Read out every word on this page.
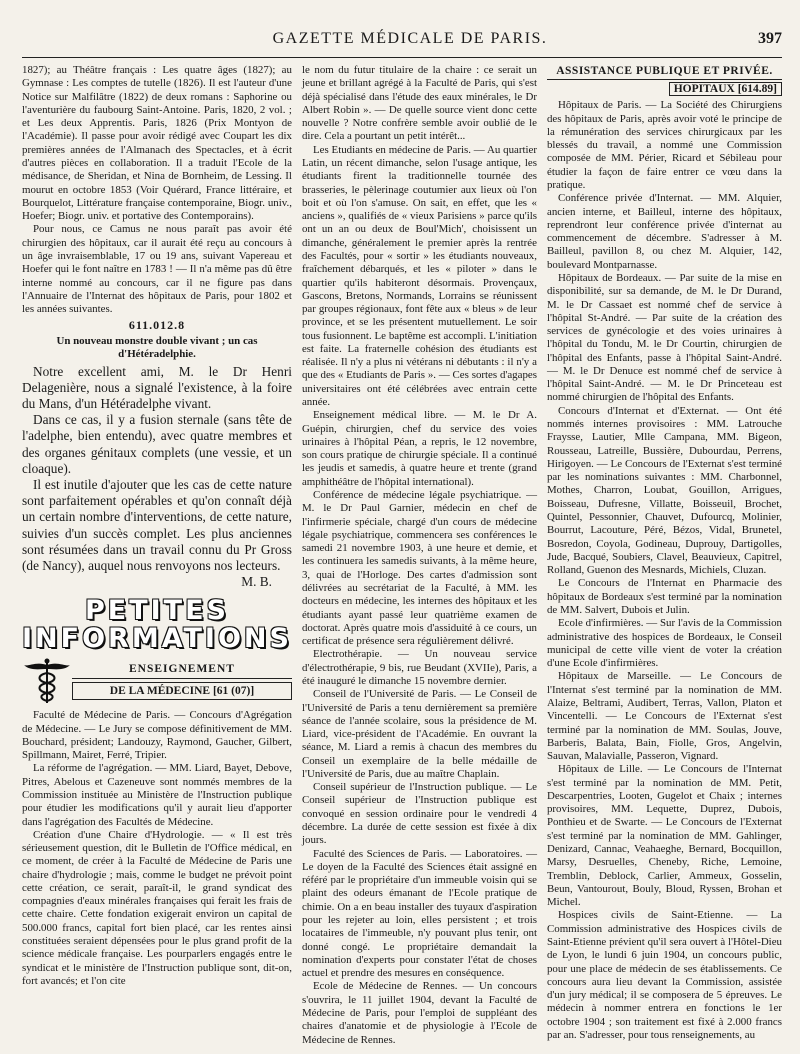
GAZETTE MÉDICALE DE PARIS.	397

1827); au Théâtre français : Les quatre âges (1827); au Gymnase : Les comptes de tutelle (1826). Il est l'auteur d'une Notice sur Malfilâtre (1822) de deux romans : Saphorine ou l'aventurière du faubourg Saint-Antoine. Paris, 1820, 2 vol. ; et Les deux Apprentis. Paris, 1826 (Prix Montyon de l'Académie). Il passe pour avoir rédigé avec Coupart les dix premières années de l'Almanach des Spectacles, et à écrit d'autres pièces en collaboration. Il a traduit l'Ecole de la médisance, de Sheridan, et Nina de Bornheim, de Lessing. Il mourut en octobre 1853 (Voir Quérard, France littéraire, et Bourquelot, Littérature française contemporaine, Biogr. univ., Hoefer; Biogr. univ. et portative des Contemporains).

Pour nous, ce Camus ne nous paraît pas avoir été chirurgien des hôpitaux, car il aurait été reçu au concours à un âge invraisemblable, 17 ou 19 ans, suivant Vapereau et Hoefer qui le font naître en 1783 ! — Il n'a même pas dû être interne nommé au concours, car il ne figure pas dans l'Annuaire de l'Internat des hôpitaux de Paris, pour 1802 et les années suivantes.

611.012.8
Un nouveau monstre double vivant ; un cas d'Hétéradelphie.

Notre excellent ami, M. le Dr Henri Delagenière, nous a signalé l'existence, à la foire du Mans, d'un Hétéradelphe vivant.

Dans ce cas, il y a fusion sternale (sans tête de l'adelphe, bien entendu), avec quatre membres et des organes génitaux complets (une vessie, et un cloaque).

Il est inutile d'ajouter que les cas de cette nature sont parfaitement opérables et qu'on connaît déjà un certain nombre d'interventions, de cette nature, suivies d'un succès complet. Les plus anciennes sont résumées dans un travail connu du Pr Gross (de Nancy), auquel nous renvoyons nos lecteurs.

M. B.
PETITES
INFORMATIONS
ENSEIGNEMENT
DE LA MÉDECINE [61 (07)]

Faculté de Médecine de Paris. — Concours d'Agrégation de Médecine. — Le Jury se compose définitivement de MM. Bouchard, président; Landouzy, Raymond, Gaucher, Gilbert, Spillmann, Mairet, Ferré, Tripier.

La réforme de l'agrégation. — MM. Liard, Bayet, Debove, Pitres, Abelous et Cazeneuve sont nommés membres de la Commission instituée au Ministère de l'Instruction publique pour étudier les modifications qu'il y aurait lieu d'apporter dans l'agrégation des Facultés de Médecine.

Création d'une Chaire d'Hydrologie. — « Il est très sérieusement question, dit le Bulletin de l'Office médical, en ce moment, de créer à la Faculté de Médecine de Paris une chaire d'hydrologie ; mais, comme le budget ne prévoit point cette création, ce serait, paraît-il, le grand syndicat des compagnies d'eaux minérales françaises qui ferait les frais de cette chaire. Cette fondation exigerait environ un capital de 500.000 francs, capital fort bien placé, car les rentes ainsi constituées seraient dépensées pour le plus grand profit de la science médicale française. Les pourparlers engagés entre le syndicat et le ministère de l'Instruction publique sont, dit-on, fort avancés; et l'on cite

le nom du futur titulaire de la chaire : ce serait un jeune et brillant agrégé à la Faculté de Paris, qui s'est déjà spécialisé dans l'étude des eaux minérales, le Dr Albert Robin ». — De quelle source vient donc cette nouvelle ? Notre confrère semble avoir oublié de le dire. Cela a pourtant un petit intérêt...

Les Etudiants en médecine de Paris. — Au quartier Latin, un récent dimanche, selon l'usage antique, les étudiants firent la traditionnelle tournée des brasseries, le pèlerinage coutumier aux lieux où l'on boit et où l'on s'amuse. On sait, en effet, que les « anciens », qualifiés de « vieux Parisiens » parce qu'ils ont un an ou deux de Boul'Mich', choisissent un dimanche, généralement le premier après la rentrée des Facultés, pour « sortir » les étudiants nouveaux, fraîchement débarqués, et les « piloter » dans le quartier qu'ils habiteront désormais. Provençaux, Gascons, Bretons, Normands, Lorrains se réunissent par groupes régionaux, font fête aux « bleus » de leur province, et se les présentent mutuellement. Le soir tous fusionnent. Le baptême est accompli. L'initiation est faite. La fraternelle cohésion des étudiants est réalisée. Il n'y a plus ni vétérans ni débutants : il n'y a que des « Etudiants de Paris ». — Ces sortes d'agapes universitaires ont été célébrées avec entrain cette année.

Enseignement médical libre. — M. le Dr A. Guépin, chirurgien, chef du service des voies urinaires à l'hôpital Péan, a repris, le 12 novembre, son cours pratique de chirurgie spéciale. Il a continué les jeudis et samedis, à quatre heure et trente (grand amphithéâtre de l'hôpital international).

Conférence de médecine légale psychiatrique. — M. le Dr Paul Garnier, médecin en chef de l'infirmerie spéciale, chargé d'un cours de médecine légale psychiatrique, commencera ses conférences le samedi 21 novembre 1903, à une heure et demie, et les continuera les samedis suivants, à la même heure, 3, quai de l'Horloge. Des cartes d'admission sont délivrées au secrétariat de la Faculté, à MM. les docteurs en médecine, les internes des hôpitaux et les étudiants ayant passé leur quatrième examen de doctorat. Après quatre mois d'assiduité à ce cours, un certificat de présence sera régulièrement délivré.

Electrothérapie. — Un nouveau service d'électrothérapie, 9 bis, rue Beudant (XVIIe), Paris, a été inauguré le dimanche 15 novembre dernier.

Conseil de l'Université de Paris. — Le Conseil de l'Université de Paris a tenu dernièrement sa première séance de l'année scolaire, sous la présidence de M. Liard, vice-président de l'Académie. En ouvrant la séance, M. Liard a remis à chacun des membres du Conseil un exemplaire de la belle médaille de l'Université de Paris, due au maître Chaplain.

Conseil supérieur de l'Instruction publique. — Le Conseil supérieur de l'Instruction publique est convoqué en session ordinaire pour le vendredi 4 décembre. La durée de cette session est fixée à dix jours.

Faculté des Sciences de Paris. — Laboratoires. — Le doyen de la Faculté des Sciences était assigné en référé par le propriétaire d'un immeuble voisin qui se plaint des odeurs émanant de l'Ecole pratique de chimie. On a en beau installer des tuyaux d'aspiration pour les rejeter au loin, elles persistent ; et trois locataires de l'immeuble, n'y pouvant plus tenir, ont donné congé. Le propriétaire demandait la nomination d'experts pour constater l'état de choses actuel et prendre des mesures en conséquence.

Ecole de Médecine de Rennes. — Un concours s'ouvrira, le 11 juillet 1904, devant la Faculté de Médecine de Paris, pour l'emploi de suppléant des chaires d'anatomie et de physiologie à l'Ecole de Médecine de Rennes.

ASSISTANCE PUBLIQUE ET PRIVÉE.
HOPITAUX [614.89]

Hôpitaux de Paris. — La Société des Chirurgiens des hôpitaux de Paris, après avoir voté le principe de la rémunération des services chirurgicaux par les blessés du travail, a nommé une Commission composée de MM. Périer, Ricard et Sébileau pour étudier la façon de faire entrer ce vœu dans la pratique.

Conférence privée d'Internat. — MM. Alquier, ancien interne, et Bailleul, interne des hôpitaux, reprendront leur conférence privée d'internat au commencement de décembre. S'adresser à M. Bailleul, pavillon 8, ou chez M. Alquier, 142, boulevard Montparnasse.

Hôpitaux de Bordeaux. — Par suite de la mise en disponibilité, sur sa demande, de M. le Dr Durand, M. le Dr Cassaet est nommé chef de service à l'hôpital St-André. — Par suite de la création des services de gynécologie et des voies urinaires à l'hôpital du Tondu, M. le Dr Courtin, chirurgien de l'hôpital des Enfants, passe à l'hôpital Saint-André. — M. le Dr Denuce est nommé chef de service à l'hôpital Saint-André. — M. le Dr Princeteau est nommé chirurgien de l'hôpital des Enfants.

Concours d'Internat et d'Externat. — Ont été nommés internes provisoires : MM. Latrouche Fraysse, Lautier, Mlle Campana, MM. Bigeon, Rousseau, Latreille, Bussière, Dubourdau, Perrens, Hirigoyen. — Le Concours de l'Externat s'est terminé par les nominations suivantes : MM. Charbonnel, Mothes, Charron, Loubat, Gouillon, Arrigues, Boisseau, Dufresne, Villatte, Boisseuil, Brochet, Quintel, Pessonnier, Chauvet, Dufourcq, Molinier, Bourrut, Lacouture, Péré, Bézos, Vidal, Brunetel, Bosredon, Coyola, Godineau, Duprouy, Dartigolles, Jude, Bacqué, Soubiers, Clavel, Beauvieux, Capitrel, Rolland, Guenon des Mesnards, Michiels, Cluzan.

Le Concours de l'Internat en Pharmacie des hôpitaux de Bordeaux s'est terminé par la nomination de MM. Salvert, Dubois et Julin.

Ecole d'infirmières. — Sur l'avis de la Commission administrative des hospices de Bordeaux, le Conseil municipal de cette ville vient de voter la création d'une Ecole d'infirmières.

Hôpitaux de Marseille. — Le Concours de l'Internat s'est terminé par la nomination de MM. Alaize, Beltrami, Audibert, Terras, Vallon, Platon et Vincentelli. — Le Concours de l'Externat s'est terminé par la nomination de MM. Soulas, Jouve, Barberis, Balata, Bain, Fiolle, Gros, Angelvin, Sauvan, Malavialle, Passeron, Vignard.

Hôpitaux de Lille. — Le Concours de l'Internat s'est terminé par la nomination de MM. Petit, Descarpentries, Looten, Gugelot et Chaix ; internes provisoires, MM. Lequette, Duprez, Dubois, Ponthieu et de Swarte. — Le Concours de l'Externat s'est terminé par la nomination de MM. Gahlinger, Denizard, Cannac, Veahaeghe, Bernard, Bocquillon, Marsy, Desruelles, Cheneby, Riche, Lemoine, Tremblin, Deblock, Carlier, Ammeux, Gosselin, Beun, Vantourout, Bouly, Bloud, Ryssen, Brohan et Michel.

Hospices civils de Saint-Etienne. — La Commission administrative des Hospices civils de Saint-Etienne prévient qu'il sera ouvert à l'Hôtel-Dieu de Lyon, le lundi 6 juin 1904, un concours public, pour une place de médecin de ses établissements. Ce concours aura lieu devant la Commission, assistée d'un jury médical; il se composera de 5 épreuves. Le médecin à nommer entrera en fonctions le 1er octobre 1904 ; son traitement est fixé à 2.000 francs par an. S'adresser, pour tous renseignements, au
